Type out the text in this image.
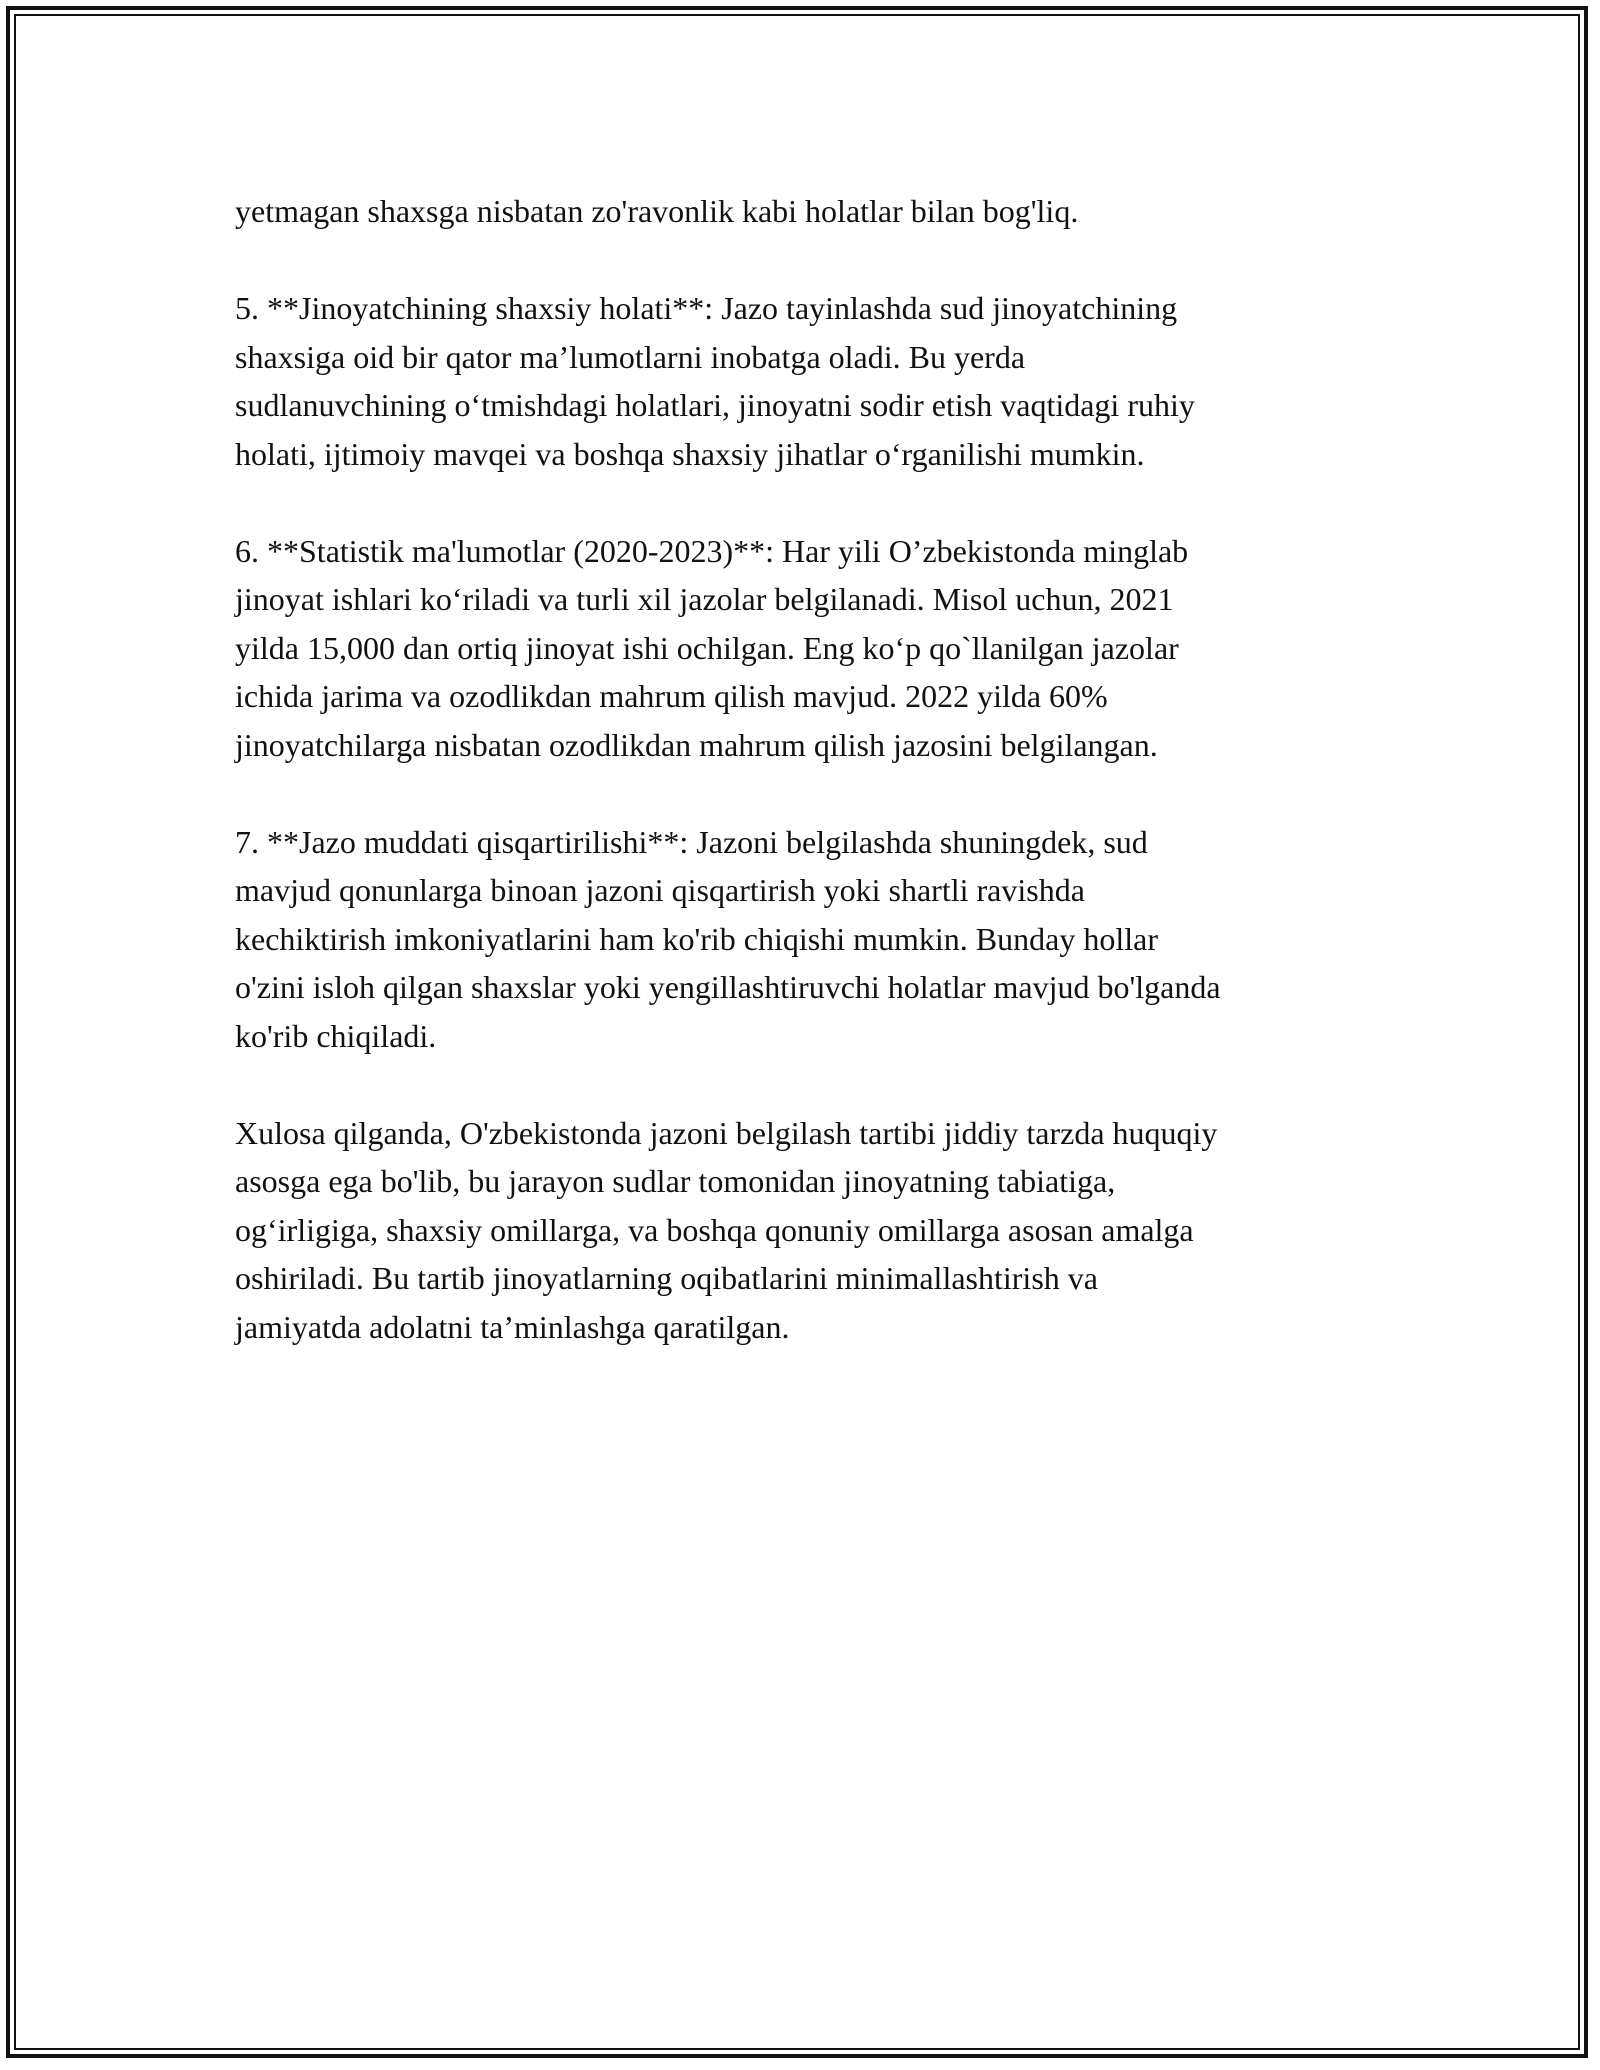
yetmagan shaxsga nisbatan zo'ravonlik kabi holatlar bilan bog'liq.

5. **Jinoyatchining shaxsiy holati**: Jazo tayinlashda sud jinoyatchining
shaxsiga oid bir qator ma’lumotlarni inobatga oladi. Bu yerda
sudlanuvchining o‘tmishdagi holatlari, jinoyatni sodir etish vaqtidagi ruhiy
holati, ijtimoiy mavqei va boshqa shaxsiy jihatlar o‘rganilishi mumkin.

6. **Statistik ma'lumotlar (2020-2023)**: Har yili O’zbekistonda minglab
jinoyat ishlari ko‘riladi va turli xil jazolar belgilanadi. Misol uchun, 2021
yilda 15,000 dan ortiq jinoyat ishi ochilgan. Eng ko‘p qo`llanilgan jazolar
ichida jarima va ozodlikdan mahrum qilish mavjud. 2022 yilda 60%
jinoyatchilarga nisbatan ozodlikdan mahrum qilish jazosini belgilangan.

7. **Jazo muddati qisqartirilishi**: Jazoni belgilashda shuningdek, sud
mavjud qonunlarga binoan jazoni qisqartirish yoki shartli ravishda
kechiktirish imkoniyatlarini ham ko'rib chiqishi mumkin. Bunday hollar
o'zini isloh qilgan shaxslar yoki yengillashtiruvchi holatlar mavjud bo'lganda
ko'rib chiqiladi.

Xulosa qilganda, O'zbekistonda jazoni belgilash tartibi jiddiy tarzda huquqiy
asosga ega bo'lib, bu jarayon sudlar tomonidan jinoyatning tabiatiga,
og‘irligiga, shaxsiy omillarga, va boshqa qonuniy omillarga asosan amalga
oshiriladi. Bu tartib jinoyatlarning oqibatlarini minimallashtirish va
jamiyatda adolatni ta’minlashga qaratilgan.
